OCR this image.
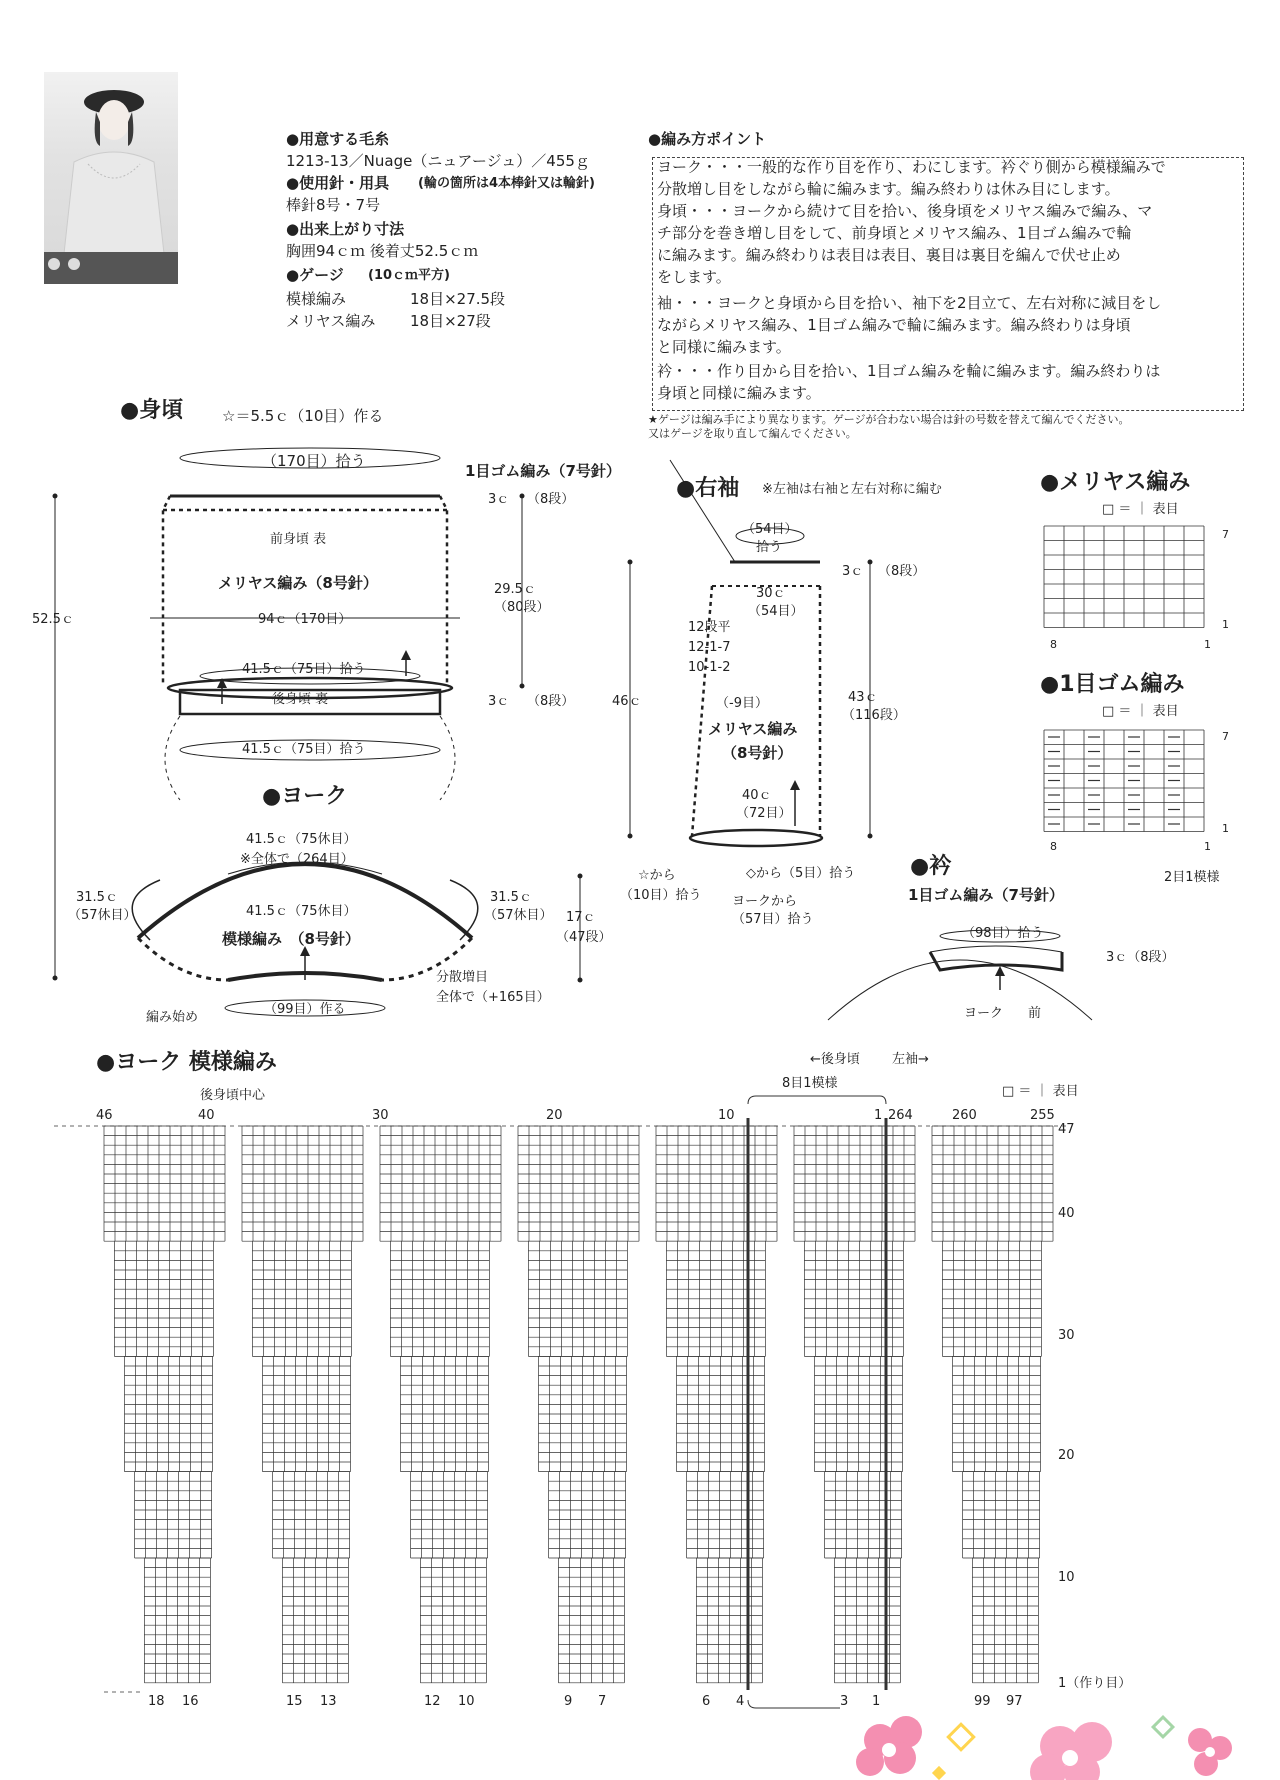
●用意する毛糸
1213-13／Nuage（ニュアージュ）／455ｇ
●使用針・用具 (輪の箇所は4本棒針又は輪針)
棒針8号・7号
●出来上がり寸法
胸囲94ｃｍ 後着丈52.5ｃｍ
●ゲージ (10ｃｍ平方)
模様編み	18目×27.5段
メリヤス編み 18目×27段
●編み方ポイント
ヨーク・・・一般的な作り目を作り、わにします。衿ぐり側から模様編みで
分散増し目をしながら輪に編みます。編み終わりは休み目にします。
身頃・・・ヨークから続けて目を拾い、後身頃をメリヤス編みで編み、マ
チ部分を巻き増し目をして、前身頃とメリヤス編み、1目ゴム編みで輪
に編みます。編み終わりは表目は表目、裏目は裏目を編んで伏せ止め
をします。
袖・・・ヨークと身頃から目を拾い、袖下を2目立て、左右対称に減目をし
ながらメリヤス編み、1目ゴム編みで輪に編みます。編み終わりは身頃
と同様に編みます。
衿・・・作り目から目を拾い、1目ゴム編みを輪に編みます。編み終わりは
身頃と同様に編みます。
★ゲージは編み手により異なります。ゲージが合わない場合は針の号数を替えて編んでください。
又はゲージを取り直して編んでください。
●身頃	☆＝5.5ｃ（10目）作る
（170目）拾う
1目ゴム編み（7号針）
3ｃ （8段）
前身頃 表
メリヤス編み（8号針）
94ｃ（170目）
52.5ｃ
29.5ｃ
（80段）
41.5ｃ（75目）拾う
後身頃 裏	3ｃ （8段）
41.5ｃ（75目）拾う
●ヨーク
41.5ｃ（75休目）
※全体で（264目）
31.5ｃ
（57休目）
31.5ｃ
（57休目）
41.5ｃ（75休目）
模様編み　（8号針）
17ｃ
（47段）
分散増目
全体で（+165目）
編み始め
（99目）作る
●右袖 ※左袖は右袖と左右対称に編む
（54目）
拾う
3ｃ （8段）
30ｃ
（54目）
12段平
12-1-7
10-1-2
46ｃ	（-9目）
メリヤス編み
（8号針）
43ｃ
（116段）
40ｃ
（72目）
☆から
（10目）拾う
◇から（5目）拾う
ヨークから
（57目）拾う
●衿
1目ゴム編み（7号針）
（98目）拾う
3ｃ（8段）
ヨーク 前
●メリヤス編み
□ ＝ ｜ 表目
7
1
8	1
●1目ゴム編み
□ ＝ ｜ 表目
7
1
8	1
2目1模様
●ヨーク 模様編み
後身頃中心
←後身頃 左袖→
8目1模様
□ ＝ ｜ 表目
46	40	30	20	10	1 264	260	255
47
40
30
20
10
1（作り目）
18 16	15 13	12 10	9 7	6 4	3 1	99 97
